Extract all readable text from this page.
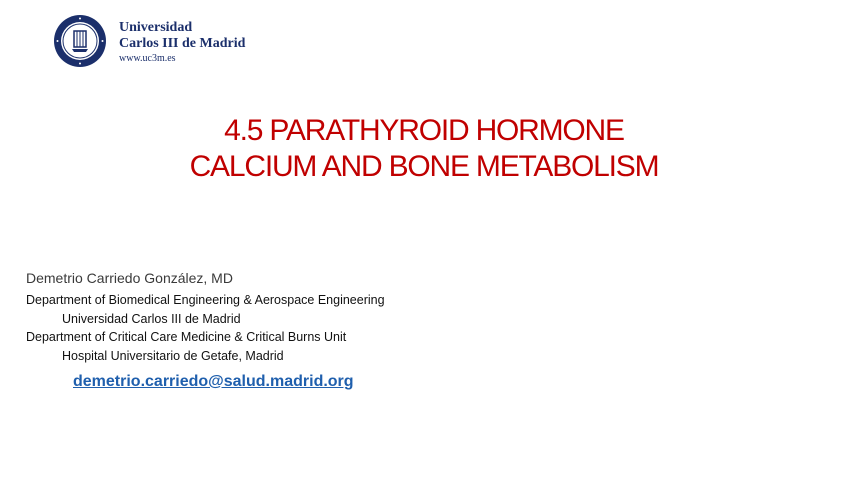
Universidad
Carlos III de Madrid
www.uc3m.es
4.5 PARATHYROID HORMONE
CALCIUM AND BONE METABOLISM
Demetrio Carriedo González, MD
Department of Biomedical Engineering & Aerospace Engineering
Universidad Carlos III de Madrid
Department of Critical Care Medicine & Critical Burns Unit
Hospital Universitario de Getafe, Madrid
demetrio.carriedo@salud.madrid.org
